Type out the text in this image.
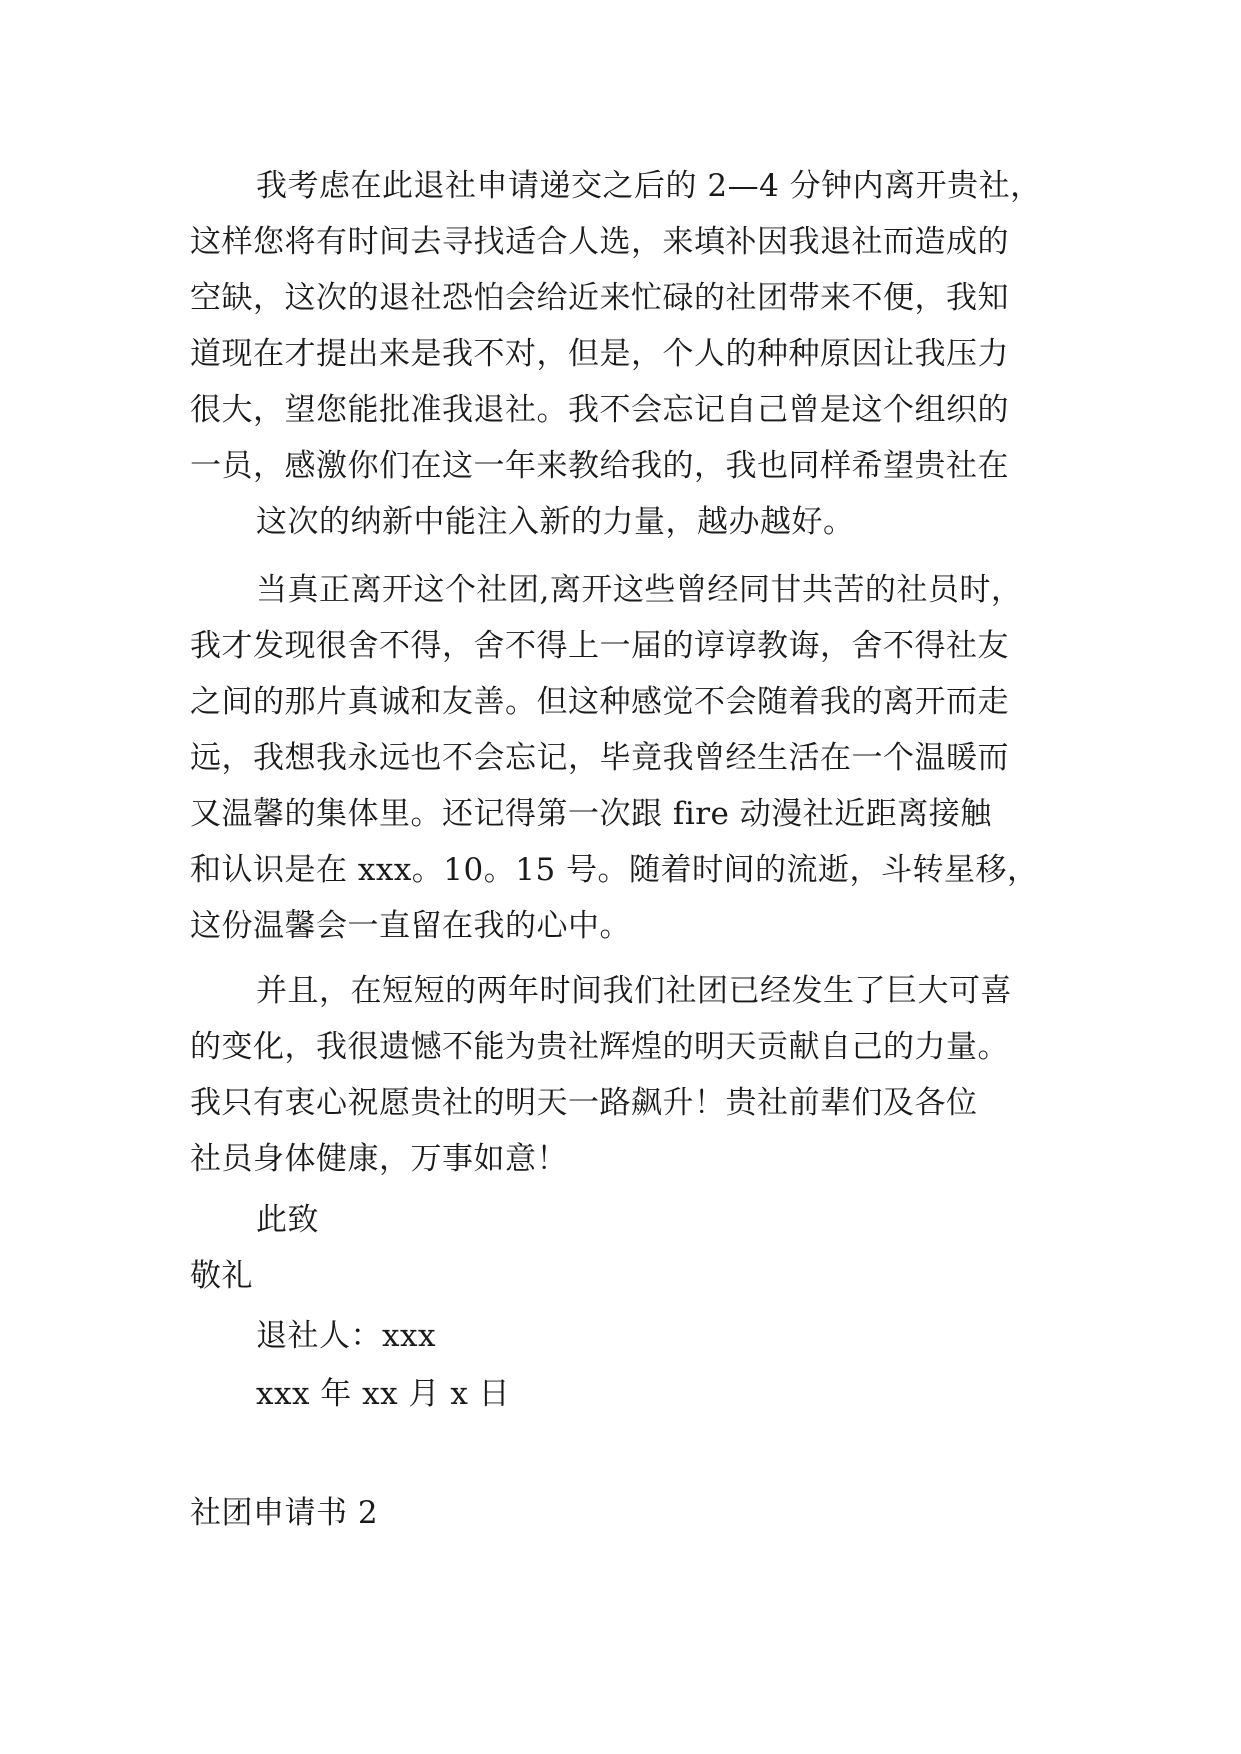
我考虑在此退社申请递交之后的 2—4 分钟内离开贵社，
这样您将有时间去寻找适合人选，来填补因我退社而造成的
空缺，这次的退社恐怕会给近来忙碌的社团带来不便，我知
道现在才提出来是我不对，但是，个人的种种原因让我压力
很大，望您能批准我退社。我不会忘记自己曾是这个组织的
一员，感激你们在这一年来教给我的，我也同样希望贵社在
这次的纳新中能注入新的力量，越办越好。
当真正离开这个社团,离开这些曾经同甘共苦的社员时，
我才发现很舍不得，舍不得上一届的谆谆教诲，舍不得社友
之间的那片真诚和友善。但这种感觉不会随着我的离开而走
远，我想我永远也不会忘记，毕竟我曾经生活在一个温暖而
又温馨的集体里。还记得第一次跟 fire 动漫社近距离接触
和认识是在 xxx。10。15 号。随着时间的流逝，斗转星移，
这份温馨会一直留在我的心中。
并且，在短短的两年时间我们社团已经发生了巨大可喜
的变化，我很遗憾不能为贵社辉煌的明天贡献自己的力量。
我只有衷心祝愿贵社的明天一路飙升！贵社前辈们及各位
社员身体健康，万事如意！
此致
敬礼
退社人：xxx
xxx 年 xx 月 x 日
社团申请书 2
